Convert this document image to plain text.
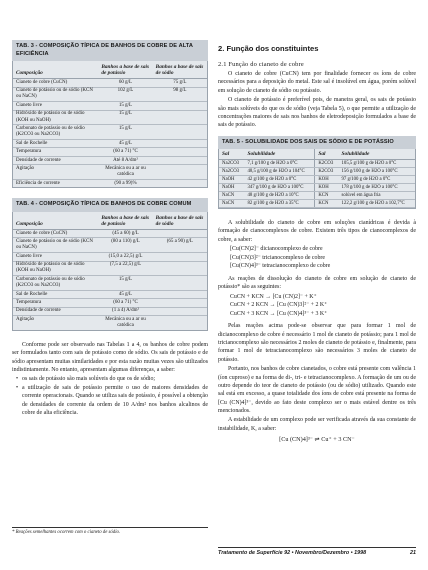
TAB. 3 - COMPOSIÇÃO TÍPICA DE BANHOS DE COBRE DE ALTA EFICIÊNCIA
Composição	Banhos a base de sais de potássio	Banhos a base de sais de sódio
Cianeto de cobre (CuCN)	60 g/L	75 g/L
Cianeto de potássio ou de sódio (KCN ou NaCN)	102 g/L	98 g/L
Cianeto livre	15 g/L	
Hidróxido de potássio ou de sódio (KOH ou NaOH)	15 g/L	
Carbonato de potássio ou de sódio (K2CO3 ou Na2CO3)	15 g/L	
Sal de Rochelle	45 g/L	
Temperatura	(60 a 71) °C	
Densidade de corrente	Até 8 A/dm²	
Agitação	Mecânica ou a ar ou catódica	
Eficiência de corrente	(90 a 99)%	
TAB. 4 - COMPOSIÇÃO TÍPICA DE BANHOS DE COBRE COMUM
Composição	Banhos a base de sais de potássio	Banhos a base de sais de sódio
Cianeto de cobre (CuCN)	(45 a 60) g/L	
Cianeto de potássio ou de sódio (KCN ou NaCN)	(80 a 110) g/L	(65 a 90) g/L
Cianeto livre	(15,0 a 22,5) g/L	
Hidróxido de potássio ou de sódio (KOH ou NaOH)	(7,5 a 22,5) g/L	
Carbonato de potássio ou de sódio (K2CO3 ou Na2CO3)	15 g/L	
Sal de Rochelle	45 g/L	
Temperatura	(60 a 71) °C	
Densidade de corrente	(1 a 4) A/dm²	
Agitação	Mecânica ou a ar ou catódica	

Conforme pode ser observado nas Tabelas 1 a 4, os banhos de cobre podem ser formulados tanto com sais de potássio como de sódio. Os sais de potássio e de sódio apresentam muitas similaridades e por esta razão muitas vezes são utilizados indistintamente. No entanto, apresentam algumas diferenças, a saber:

• os sais de potássio são mais solúveis do que os de sódio;
• a utilização de sais de potássio permite o uso de maiores densidades de corrente operacionais. Quando se utiliza sais de potássio, é possível a obtenção de densidades de corrente da ordem de 10 A/dm² nos banhos alcalinos de cobre de alta eficiência.
* Reações semelhantes ocorrem com o cianeto de sódio.
2. Função dos constituintes
2.1 Função do cianeto de cobre

O cianeto de cobre (CuCN) tem por finalidade fornecer os íons de cobre necessários para a deposição do metal. Este sal é insolúvel em água, porém solúvel em solução de cianeto de sódio ou potássio.

O cianeto de potássio é preferível pois, de maneira geral, os sais de potássio são mais solúveis do que os de sódio (veja Tabela 5), o que permite a utilização de concentrações maiores de sais nos banhos de eletrodeposição formulados a base de sais de potássio.

TAB. 5 - SOLUBILIDADE DOS SAIS DE SÓDIO E DE POTÁSSIO
Sal	Solubilidade	Sal	Solubilidade
Na2CO3	7,1 g/100 g de H2O a 0°C	K2CO3	105,5 g/100 g de H2O a 0°C
Na2CO3	48,5 g/100 g de H2O a 104°C	K2CO3	156 g/100 g de H2O a 100°C
NaOH	42 g/100 g de H2O a 0°C	KOH	97 g/100 g de H2O a 0°C
NaOH	347 g/100 g de H2O a 100°C	KOH	178 g/100 g de H2O a 100°C
NaCN	48 g/100 g de H2O a 10°C	KCN	solúvel em água fria
NaCN	82 g/100 g de H2O a 35°C	KCN	122,2 g/100 g de H2O a 102,7°C

A solubilidade do cianeto de cobre em soluções cianídricas é devida à formação de cianocomplexos de cobre. Existem três tipos de cianocomplexos de cobre, a saber:

[Cu(CN)2]⁻ dicianocomplexo de cobre
[Cu(CN)3]²⁻ tricianocomplexo de cobre
[Cu(CN)4]³⁻ tetracianocomplexo de cobre

As reações de dissolução do cianeto de cobre em solução de cianeto de potássio* são as seguintes:

CuCN + KCN → [Cu (CN)2]⁻ + K⁺
CuCN + 2 KCN → [Cu (CN)3]²⁻ + 2 K⁺
CuCN + 3 KCN → [Cu (CN)4]³⁻ + 3 K⁺

Pelas reações acima pode-se observar que para formar 1 mol de dicianocomplexo de cobre é necessário 1 mol de cianeto de potássio; para 1 mol de tricianocomplexo são necessários 2 moles de cianeto de potássio e, finalmente, para formar 1 mol de tetracianocomplexo são necessários 3 moles de cianeto de potássio.

Portanto, nos banhos de cobre cianetados, o cobre está presente com valência 1 (íon cuproso) e na forma de di-, tri- e tetracianocomplexo. A formação de um ou de outro depende do teor de cianeto de potássio (ou de sódio) utilizado. Quando este sal está em excesso, a quase totalidade dos íons de cobre está presente na forma de [Cu (CN)4]³⁻, devido ao fato deste complexo ser o mais estável dentre os três mencionados.

A estabilidade de um complexo pode ser verificada através da sua constante de instabilidade, K, a saber:

[Cu (CN)4]³⁻ ⇌ Cu⁺ + 3 CN⁻
Tratamento de Superfície 92 • Novembro/Dezembro • 1998	21
